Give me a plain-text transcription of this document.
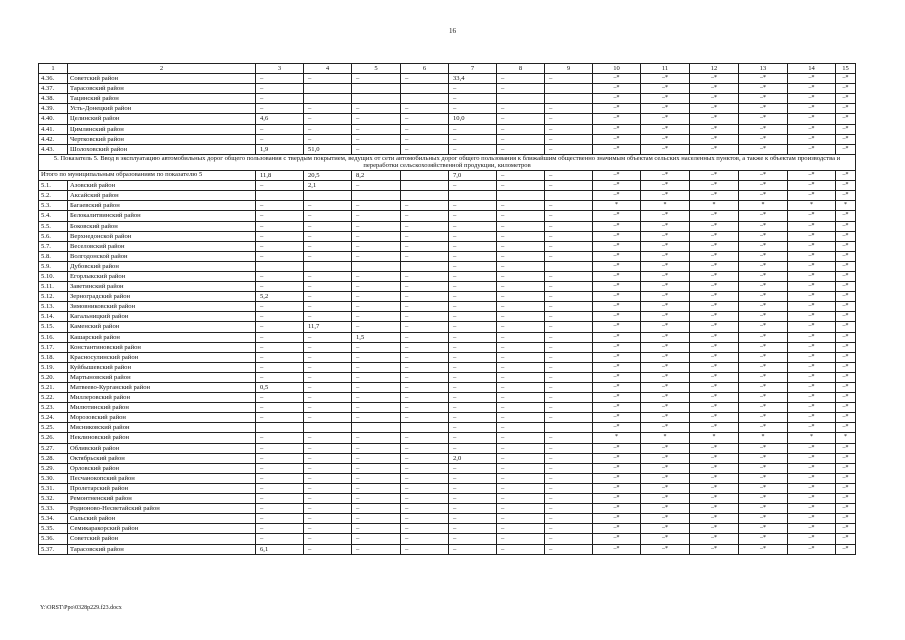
16
1	2	3	4	5	6	7	8	9	10	11	12	13	14	15
4.36.	Советский район	–	–	–	–	33,4	–	–	–*	–*	–*	–*	–*	–*
4.37.	Тарасовский район	–				–	–		–*	–*	–*	–*	–*	–*
4.38.	Тацинский район	–				–			–*	–*	–*	–*	–*	–*
4.39.	Усть-Донецкий район	–	–	–	–	–	–	–	–*	–*	–*	–*	–*	–*
4.40.	Целинский район	4,6	–	–	–	10,0	–	–	–*	–*	–*	–*	–*	–*
4.41.	Цимлянский район	–	–	–	–	–	–	–	–*	–*	–*	–*	–*	–*
4.42.	Чертковский район	–	–	–	–	–	–	–	–*	–*	–*	–*	–*	–*
4.43.	Шолоховский район	1,9	51,0	–	–	–	–	–	–*	–*	–*	–*	–*	–*
5. Показатель 5. Ввод в эксплуатацию автомобильных дорог общего пользования с твердым покрытием, ведущих от сети автомобильных дорог общего пользования к ближайшим общественно значимым объектам сельских населенных пунктов, а также к объектам производства и переработки сельскохозяйственной продукции, километров														
Итого по муниципальным образованиям по показателю 5		11,8	20,5	8,2		7,0	–	–	–*	–*	–*	–*	–*	–*
5.1.	Азовский район	–	2,1	–		–	–	–	–*	–*	–*	–*	–*	–*
5.2.	Аксайский район								–*	–*	–*	–*	–*	–*
5.3.	Багаевский район	–	–	–	–	–	–	–	*	*	*	*	*	*
5.4.	Белокалитвинский район	–	–	–	–	–	–	–	–*	–*	–*	–*	–*	–*
5.5.	Боковский район	–	–	–	–	–	–	–	–*	–*	–*	–*	–*	–*
5.6.	Верхнедонской район	–	–	–	–	–	–	–	–*	–*	–*	–*	–*	–*
5.7.	Веселовский район	–	–	–	–	–	–	–	–*	–*	–*	–*	–*	–*
5.8.	Волгодонской район	–	–	–	–	–	–	–	–*	–*	–*	–*	–*	–*
5.9.	Дубовский район					–	–		–*	–*	–*	–*	–*	–*
5.10.	Егорлыкский район	–	–	–	–	–	–	–	–*	–*	–*	–*	–*	–*
5.11.	Заветинский район	–	–	–	–	–	–	–	–*	–*	–*	–*	–*	–*
5.12.	Зерноградский район	5,2	–	–	–	–	–	–	–*	–*	–*	–*	–*	–*
5.13.	Зимовниковский район	–	–	–	–	–	–	–	–*	–*	–*	–*	–*	–*
5.14.	Кагальницкий район	–	–	–	–	–	–	–	–*	–*	–*	–*	–*	–*
5.15.	Каменский район	–	11,7	–	–	–	–	–	–*	–*	–*	–*	–*	–*
5.16.	Кашарский район	–	–	1,5	–	–	–	–	–*	–*	–*	–*	–*	–*
5.17.	Константиновский район	–	–	–	–	–	–	–	–*	–*	–*	–*	–*	–*
5.18.	Красносулинский район	–	–	–	–	–	–	–	–*	–*	–*	–*	–*	–*
5.19.	Куйбышевский район	–	–	–	–	–	–	–	–*	–*	–*	–*	–*	–*
5.20.	Мартыновский район	–	–	–	–	–	–	–	–*	–*	–*	–*	–*	–*
5.21.	Матвеево-Курганский район	0,5	–	–	–	–	–	–	–*	–*	–*	–*	–*	–*
5.22.	Миллеровский район	–	–	–	–	–	–	–	–*	–*	–*	–*	–*	–*
5.23.	Милютинский район	–	–	–	–	–	–	–	–*	–*	–*	–*	–*	–*
5.24.	Морозовский район	–	–	–	–	–	–	–	–*	–*	–*	–*	–*	–*
5.25.	Мясниковский район					–	–		–*	–*	–*	–*	–*	–*
5.26.	Неклиновский район	–	–	–	–	–	–	–	*	*	*	*	*	*
5.27.	Обливский район	–	–	–	–	–	–	–	–*	–*	–*	–*	–*	–*
5.28.	Октябрьский район	–	–	–	–	2,0	–	–	–*	–*	–*	–*	–*	–*
5.29.	Орловский район	–	–	–	–	–	–	–	–*	–*	–*	–*	–*	–*
5.30.	Песчанокопский район	–	–	–	–	–	–	–	–*	–*	–*	–*	–*	–*
5.31.	Пролетарский район	–	–	–	–	–	–	–	–*	–*	–*	–*	–*	–*
5.32.	Ремонтненский район	–	–	–	–	–	–	–	–*	–*	–*	–*	–*	–*
5.33.	Родионово-Несветайский район	–	–	–	–	–	–	–	–*	–*	–*	–*	–*	–*
5.34.	Сальский район	–	–	–	–	–	–	–	–*	–*	–*	–*	–*	–*
5.35.	Семикаракорский район	–	–	–	–	–	–	–	–*	–*	–*	–*	–*	–*
5.36.	Советский район	–	–	–	–	–	–	–	–*	–*	–*	–*	–*	–*
5.37.	Тарасовский район	6,1	–	–	–	–	–	–	–*	–*	–*	–*	–*	–*
Y:\ORST\Ppo\0328p229.f23.docx
